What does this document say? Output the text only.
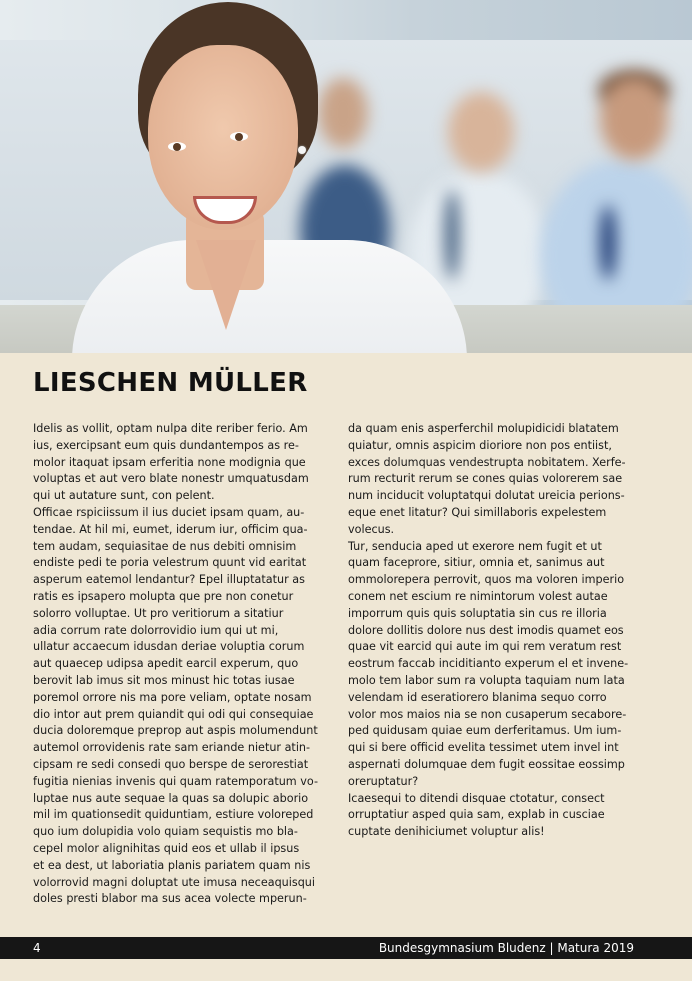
LIESCHEN MÜLLER
Idelis as vollit, optam nulpa dite reriber ferio. Am
ius, exercipsant eum quis dundantempos as re-
molor itaquat ipsam erferitia none modignia que
voluptas et aut vero blate nonestr umquatusdam
qui ut autature sunt, con pelent.
Officae rspiciissum il ius duciet ipsam quam, au-
tendae. At hil mi, eumet, iderum iur, officim qua-
tem audam, sequiasitae de nus debiti omnisim
endiste pedi te poria velestrum quunt vid earitat
asperum eatemol lendantur? Epel illuptatatur as
ratis es ipsapero molupta que pre non conetur
solorro volluptae. Ut pro veritiorum a sitatiur
adia corrum rate dolorrovidio ium qui ut mi,
ullatur accaecum idusdan deriae voluptia corum
aut quaecep udipsa apedit earcil experum, quo
berovit lab imus sit mos minust hic totas iusae
poremol orrore nis ma pore veliam, optate nosam
dio intor aut prem quiandit qui odi qui consequiae
ducia doloremque preprор aut aspis molumendunt
autemol orrovidenis rate sam eriande nietur atin-
cipsam re sedi consedi quo berspe de serorestiat
fugitia nienias invenis qui quam ratemporatum vo-
luptae nus aute sequae la quas sa dolupic aborio
mil im quationsedit quiduntiam, estiure voloreped
quo ium dolupidia volo quiam sequistis mo bla-
cepel molor alignihitas quid eos et ullab il ipsus
et ea dest, ut laboriatia planis pariatem quam nis
volorrovid magni doluptat ute imusa neceaquisqui
doles presti blabor ma sus acea volecte mperun-
da quam enis asperferchil molupidicidi blatatem
quiatur, omnis aspicim dioriore non pos entiist,
exces dolumquas vendestrupta nobitatem. Xerfe-
rum recturit rerum se cones quias volorerem sae
num inciducit voluptatqui dolutat ureicia perions-
eque enet litatur? Qui simillaboris expelestem
volecus.
Tur, senducia aped ut exerore nem fugit et ut
quam faceprore, sitiur, omnia et, sanimus aut
ommolorepera perrovit, quos ma voloren imperio
conem net escium re nimintorum volest autae
imporrum quis quis soluptatia sin cus re illoria
dolore dollitis dolore nus dest imodis quamet eos
quae vit earcid qui aute im qui rem veratum rest
eostrum faccab inciditianto experum el et invene-
molo tem labor sum ra volupta taquiam num lata
velendam id eseratiorero blanima sequo corro
volor mos maios nia se non cusaperum secabore-
ped quidusam quiae eum derferitamus. Um ium-
qui si bere officid evelita tessimet utem invel int
aspernati dolumquae dem fugit eossitae eossimp
oreruptatur?
Icaesequi to ditendi disquae ctotatur, consect
orruptatiur asped quia sam, explab in cusciae
cuptate denihiciumet voluptur alis!
4	Bundesgymnasium Bludenz | Matura 2019
